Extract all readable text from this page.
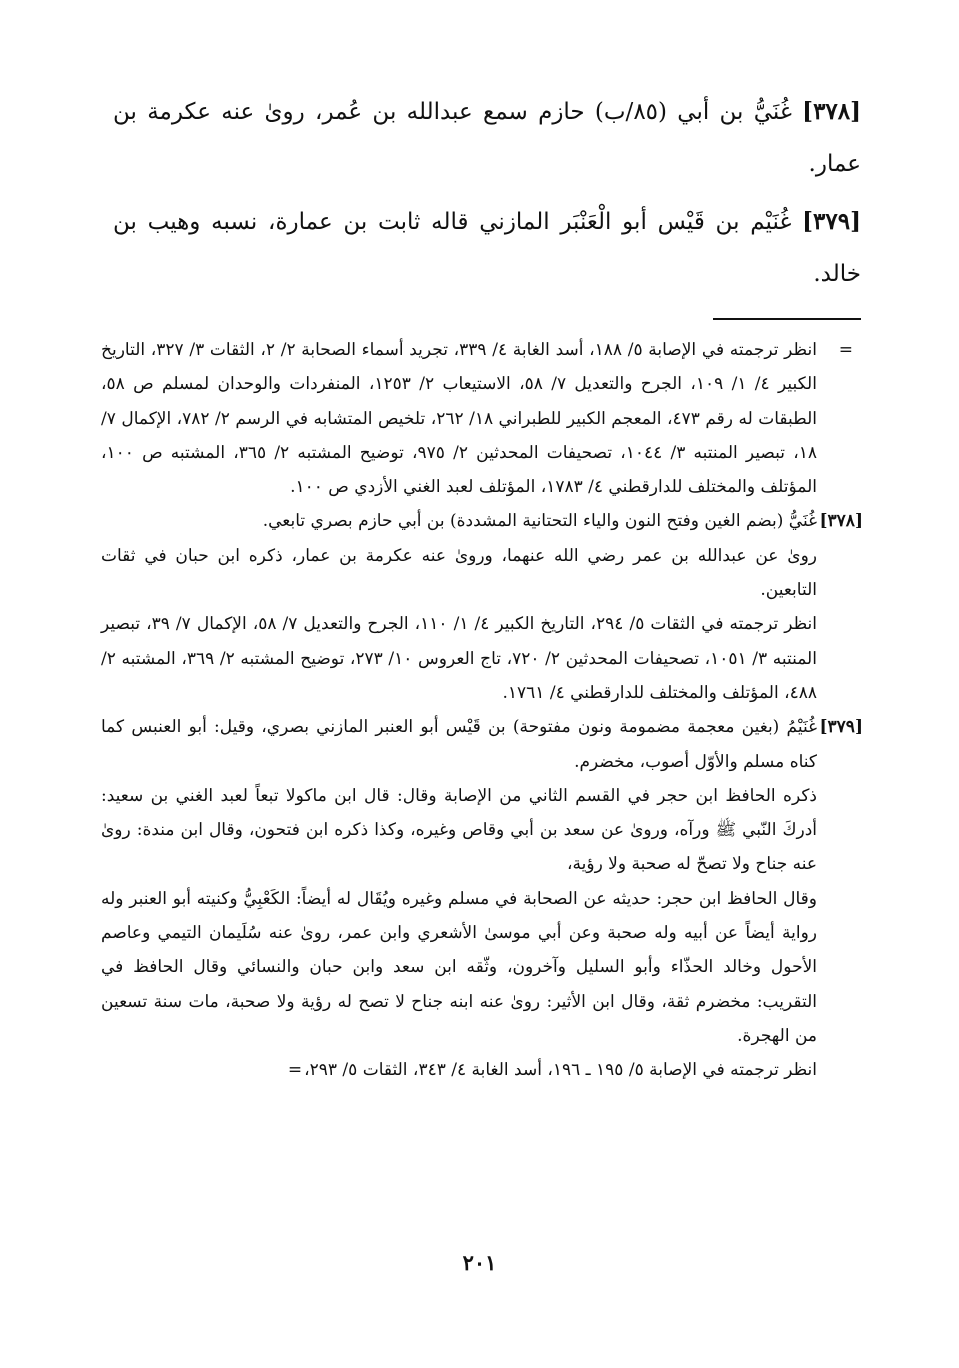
[٣٧٨] غُنَيُّ بن أبي (٨٥/ب) حازم سمع عبدالله بن عُمر، روىٰ عنه عكرمة بن عمار.

[٣٧٩] غُنَيْم بن قَيْس أبو الْعَنْبَر المازني قاله ثابت بن عمارة، نسبه وهيب بن خالد.

=

انظر ترجمته في الإصابة ٥/ ١٨٨، أسد الغابة ٤/ ٣٣٩، تجريد أسماء الصحابة ٢/ ٢، الثقات ٣/ ٣٢٧، التاريخ الكبير ٤/ ١/ ١٠٩، الجرح والتعديل ٧/ ٥٨، الاستيعاب ٢/ ١٢٥٣، المنفردات والوحدان لمسلم ص ٥٨، الطبقات له رقم ٤٧٣، المعجم الكبير للطبراني ١٨/ ٢٦٢، تلخيص المتشابه في الرسم ٢/ ٧٨٢، الإكمال ٧/ ١٨، تبصير المنتبه ٣/ ١٠٤٤، تصحيفات المحدثين ٢/ ٩٧٥، توضيح المشتبه ٢/ ٣٦٥، المشتبه ص ١٠٠، المؤتلف والمختلف للدارقطني ٤/ ١٧٨٣، المؤتلف لعبد الغني الأزدي ص ١٠٠.

[٣٧٨]

غُنَيُّ (بضم الغين وفتح النون والياء التحتانية المشددة) بن أبي حازم بصري تابعي.

روىٰ عن عبدالله بن عمر رضي الله عنهما، وروىٰ عنه عكرمة بن عمار، ذكره ابن حبان في ثقات التابعين.

انظر ترجمته في الثقات ٥/ ٢٩٤، التاريخ الكبير ٤/ ١/ ١١٠، الجرح والتعديل ٧/ ٥٨، الإكمال ٧/ ٣٩، تبصير المنتبه ٣/ ١٠٥١، تصحيفات المحدثين ٢/ ٧٢٠، تاج العروس ١٠/ ٢٧٣، توضيح المشتبه ٢/ ٣٦٩، المشتبه ٢/ ٤٨٨، المؤتلف والمختلف للدارقطني ٤/ ١٧٦١.

[٣٧٩]

غُنَيْمُ (بغين معجمة مضمومة ونون مفتوحة) بن قَيْس أبو العنبر المازني بصري، وقيل: أبو العنبس كما كناه مسلم والأوّل أصوب، مخضرم.

ذكره الحافظ ابن حجر في القسم الثاني من الإصابة وقال: قال ابن ماكولا تبعاً لعبد الغني بن سعيد: أدركَ النّبي ﷺ ورآه، وروىٰ عن سعد بن أبي وقاص وغيره، وكذا ذكره ابن فتحون، وقال ابن مندة: روىٰ عنه جناح ولا تصحّ له صحبة ولا رؤية،

وقال الحافظ ابن حجر: حديثه عن الصحابة في مسلم وغيره ويُقَال له أيضاً: الكَعْبِيُّ وكنيته أبو العنبر وله رواية أيضاً عن أبيه وله صحبة وعن أبي موسىٰ الأشعري وابن عمر، روىٰ عنه سُلَيمان التيمي وعاصم الأحول وخالد الحذّاء وأبو السليل وآخرون، وثّقه ابن سعد وابن حبان والنسائي وقال الحافظ في التقريب: مخضرم ثقة، وقال ابن الأثير: روىٰ عنه ابنه جناح لا تصح له رؤية ولا صحبة، مات سنة تسعين من الهجرة.

انظر ترجمته في الإصابة ٥/ ١٩٥ ـ ١٩٦، أسد الغابة ٤/ ٣٤٣، الثقات ٥/ ٢٩٣،=

٢٠١
